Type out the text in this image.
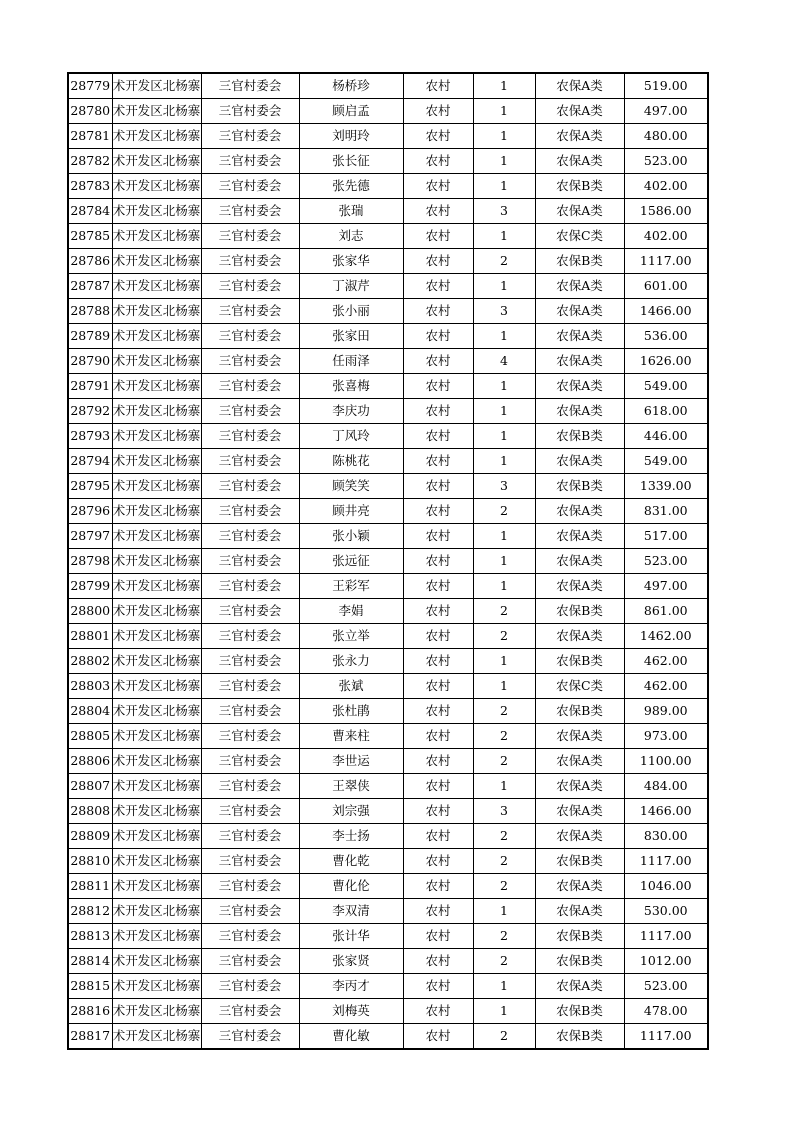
28779	术开发区北杨寨	三官村委会	杨桥珍	农村	1	农保A类	519.00
28780	术开发区北杨寨	三官村委会	顾启孟	农村	1	农保A类	497.00
28781	术开发区北杨寨	三官村委会	刘明玲	农村	1	农保A类	480.00
28782	术开发区北杨寨	三官村委会	张长征	农村	1	农保A类	523.00
28783	术开发区北杨寨	三官村委会	张先德	农村	1	农保B类	402.00
28784	术开发区北杨寨	三官村委会	张瑞	农村	3	农保A类	1586.00
28785	术开发区北杨寨	三官村委会	刘志	农村	1	农保C类	402.00
28786	术开发区北杨寨	三官村委会	张家华	农村	2	农保B类	1117.00
28787	术开发区北杨寨	三官村委会	丁淑芹	农村	1	农保A类	601.00
28788	术开发区北杨寨	三官村委会	张小丽	农村	3	农保A类	1466.00
28789	术开发区北杨寨	三官村委会	张家田	农村	1	农保A类	536.00
28790	术开发区北杨寨	三官村委会	任雨泽	农村	4	农保A类	1626.00
28791	术开发区北杨寨	三官村委会	张喜梅	农村	1	农保A类	549.00
28792	术开发区北杨寨	三官村委会	李庆功	农村	1	农保A类	618.00
28793	术开发区北杨寨	三官村委会	丁风玲	农村	1	农保B类	446.00
28794	术开发区北杨寨	三官村委会	陈桃花	农村	1	农保A类	549.00
28795	术开发区北杨寨	三官村委会	顾笑笑	农村	3	农保B类	1339.00
28796	术开发区北杨寨	三官村委会	顾井亮	农村	2	农保A类	831.00
28797	术开发区北杨寨	三官村委会	张小颖	农村	1	农保A类	517.00
28798	术开发区北杨寨	三官村委会	张远征	农村	1	农保A类	523.00
28799	术开发区北杨寨	三官村委会	王彩军	农村	1	农保A类	497.00
28800	术开发区北杨寨	三官村委会	李娟	农村	2	农保B类	861.00
28801	术开发区北杨寨	三官村委会	张立举	农村	2	农保A类	1462.00
28802	术开发区北杨寨	三官村委会	张永力	农村	1	农保B类	462.00
28803	术开发区北杨寨	三官村委会	张斌	农村	1	农保C类	462.00
28804	术开发区北杨寨	三官村委会	张杜鹃	农村	2	农保B类	989.00
28805	术开发区北杨寨	三官村委会	曹来柱	农村	2	农保A类	973.00
28806	术开发区北杨寨	三官村委会	李世运	农村	2	农保A类	1100.00
28807	术开发区北杨寨	三官村委会	王翠侠	农村	1	农保A类	484.00
28808	术开发区北杨寨	三官村委会	刘宗强	农村	3	农保A类	1466.00
28809	术开发区北杨寨	三官村委会	李士扬	农村	2	农保A类	830.00
28810	术开发区北杨寨	三官村委会	曹化乾	农村	2	农保B类	1117.00
28811	术开发区北杨寨	三官村委会	曹化伦	农村	2	农保A类	1046.00
28812	术开发区北杨寨	三官村委会	李双清	农村	1	农保A类	530.00
28813	术开发区北杨寨	三官村委会	张计华	农村	2	农保B类	1117.00
28814	术开发区北杨寨	三官村委会	张家贤	农村	2	农保B类	1012.00
28815	术开发区北杨寨	三官村委会	李丙才	农村	1	农保A类	523.00
28816	术开发区北杨寨	三官村委会	刘梅英	农村	1	农保B类	478.00
28817	术开发区北杨寨	三官村委会	曹化敏	农村	2	农保B类	1117.00
